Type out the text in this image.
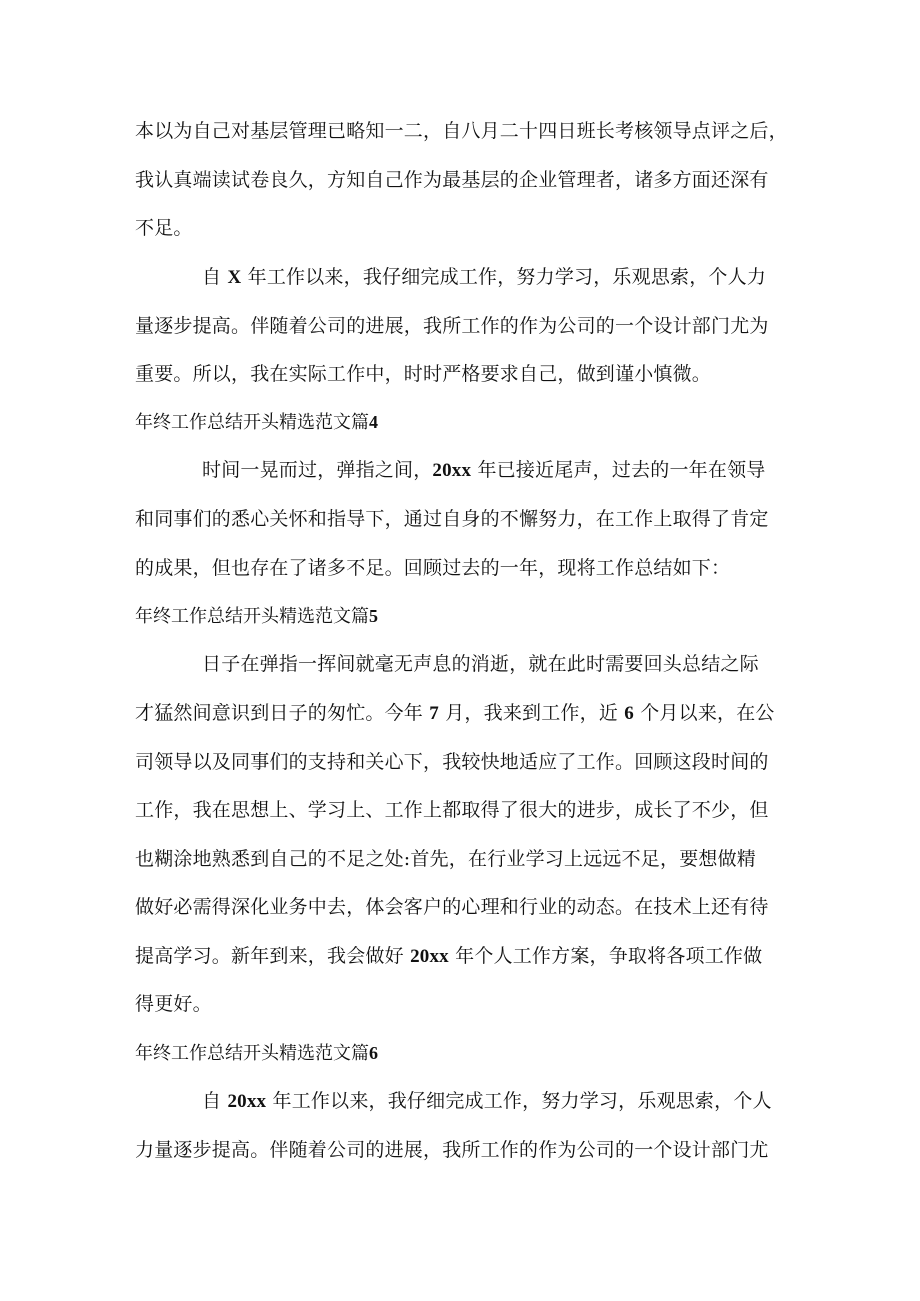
本以为自己对基层管理已略知一二，自八月二十四日班长考核领导点评之后，
我认真端读试卷良久，方知自己作为最基层的企业管理者，诸多方面还深有
不足。
自 X 年工作以来，我仔细完成工作，努力学习，乐观思索，个人力
量逐步提高。伴随着公司的进展，我所工作的作为公司的一个设计部门尤为
重要。所以，我在实际工作中，时时严格要求自己，做到谨小慎微。
年终工作总结开头精选范文篇4
时间一晃而过，弹指之间，20xx 年已接近尾声，过去的一年在领导
和同事们的悉心关怀和指导下，通过自身的不懈努力，在工作上取得了肯定
的成果，但也存在了诸多不足。回顾过去的一年，现将工作总结如下：
年终工作总结开头精选范文篇5
日子在弹指一挥间就毫无声息的消逝，就在此时需要回头总结之际
才猛然间意识到日子的匆忙。今年 7 月，我来到工作，近 6 个月以来，在公
司领导以及同事们的支持和关心下，我较快地适应了工作。回顾这段时间的
工作，我在思想上、学习上、工作上都取得了很大的进步，成长了不少，但
也糊涂地熟悉到自己的不足之处:首先，在行业学习上远远不足，要想做精
做好必需得深化业务中去，体会客户的心理和行业的动态。在技术上还有待
提高学习。新年到来，我会做好 20xx 年个人工作方案，争取将各项工作做
得更好。
年终工作总结开头精选范文篇6
自 20xx 年工作以来，我仔细完成工作，努力学习，乐观思索，个人
力量逐步提高。伴随着公司的进展，我所工作的作为公司的一个设计部门尤
